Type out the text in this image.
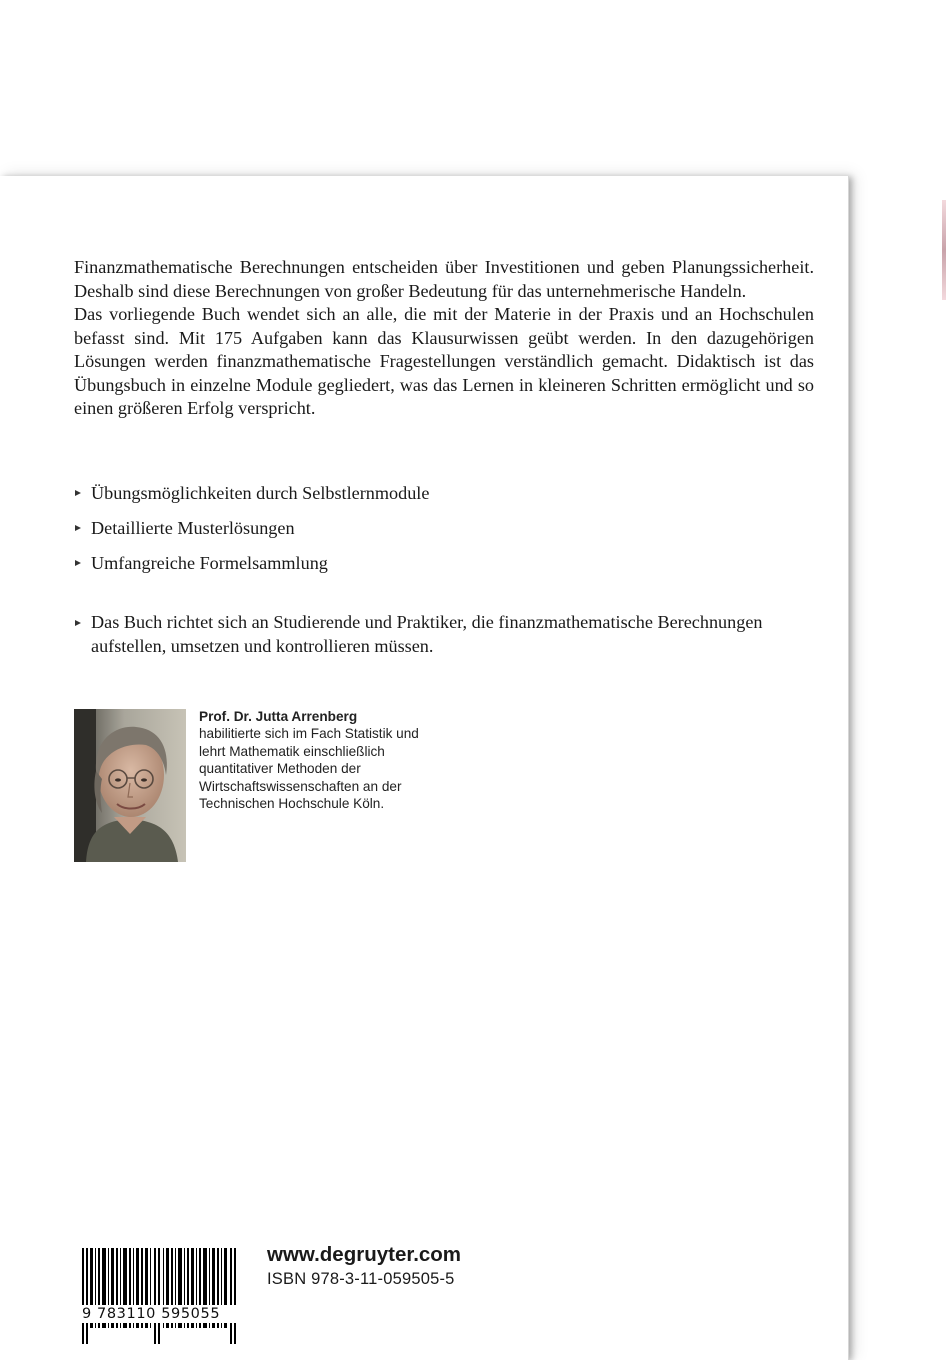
Finanzmathematische Berechnungen entscheiden über Investitionen und geben Planungssicherheit. Deshalb sind diese Berechnungen von großer Bedeutung für das unternehmerische Handeln.

Das vorliegende Buch wendet sich an alle, die mit der Materie in der Praxis und an Hochschulen befasst sind. Mit 175 Aufgaben kann das Klausurwissen geübt werden. In den dazugehörigen Lösungen werden finanzmathematische Fragestellungen verständlich gemacht. Didaktisch ist das Übungsbuch in einzelne Module gegliedert, was das Lernen in kleineren Schritten ermöglicht und so einen größeren Erfolg verspricht.

Übungsmöglichkeiten durch Selbstlernmodule
Detaillierte Musterlösungen
Umfangreiche Formelsammlung

Das Buch richtet sich an Studierende und Praktiker, die finanzmathematische Berechnungen aufstellen, umsetzen und kontrollieren müssen.

Prof. Dr. Jutta Arrenberg
habilitierte sich im Fach Statistik und lehrt Mathematik einschließlich quantitativer Methoden der Wirtschaftswissenschaften an der Technischen Hochschule Köln.
9 783110 595055
www.degruyter.com
ISBN 978-3-11-059505-5
